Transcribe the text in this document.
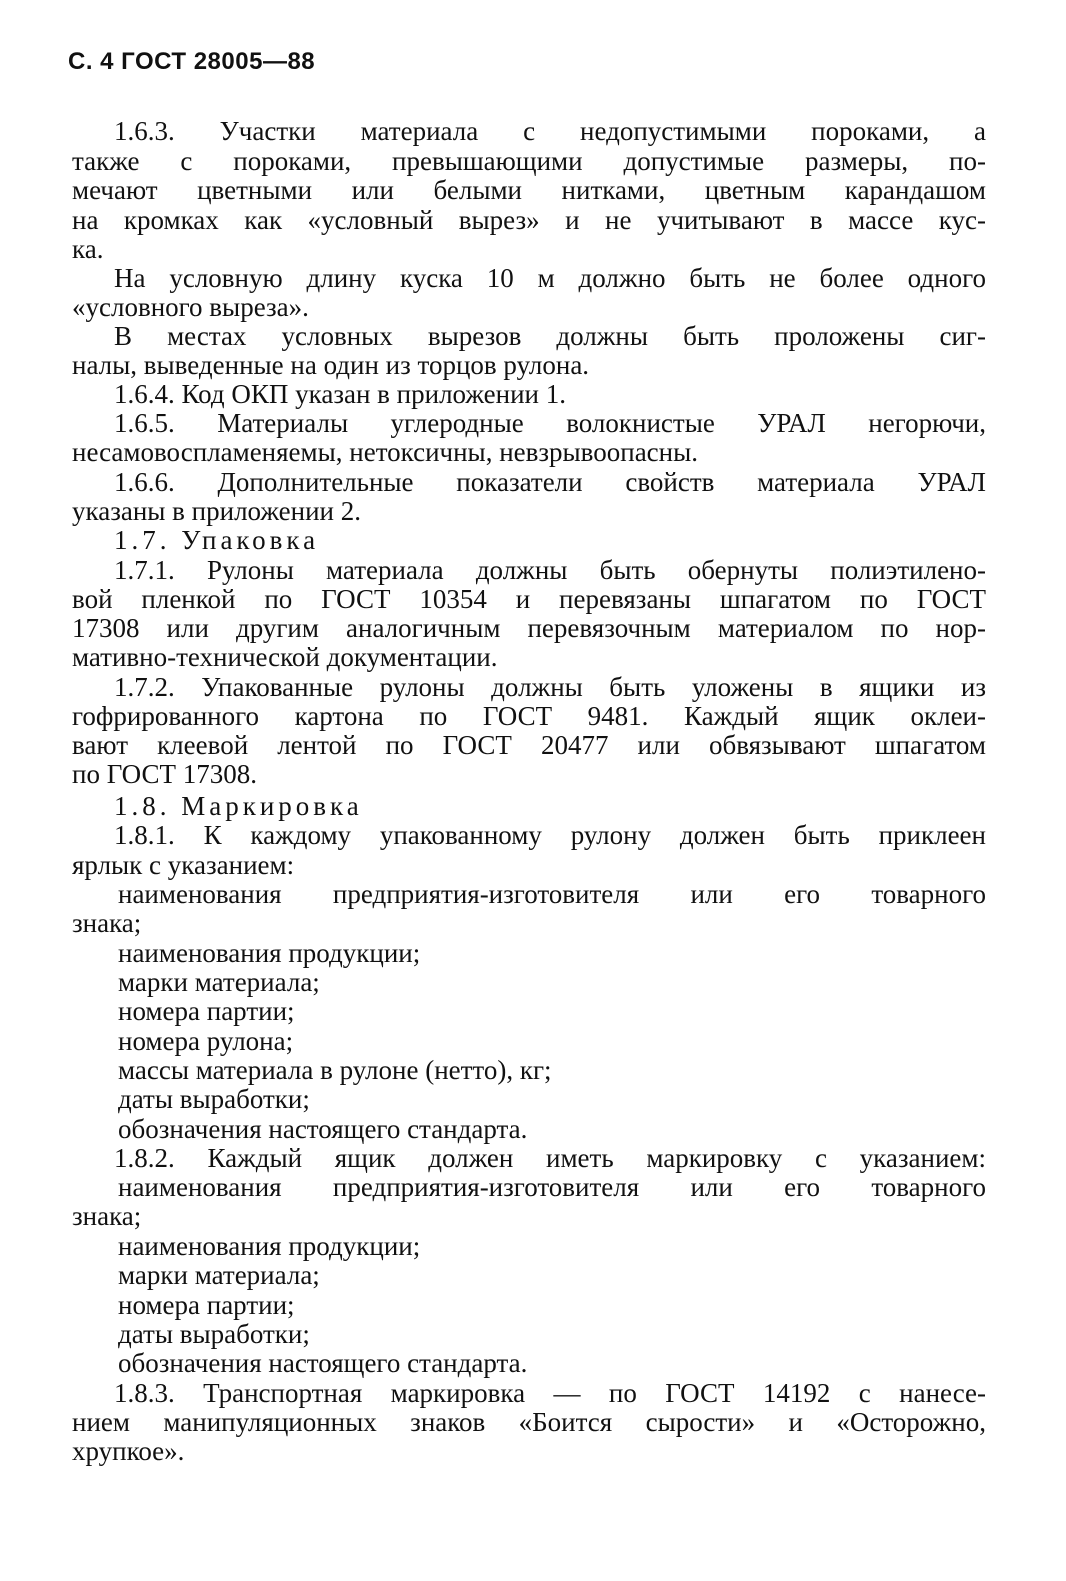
С. 4 ГОСТ 28005—88
1.6.3. Участки материала с недопустимыми пороками, а
также с пороками, превышающими допустимые размеры, по-
мечают цветными или белыми нитками, цветным карандашом
на кромках как «условный вырез» и не учитывают в массе кус-
ка.
На условную длину куска 10 м должно быть не более одного
«условного выреза».
В местах условных вырезов должны быть проложены сиг-
налы, выведенные на один из торцов рулона.
1.6.4. Код ОКП указан в приложении 1.
1.6.5. Материалы углеродные волокнистые УРАЛ негорючи,
несамовоспламеняемы, нетоксичны, невзрывоопасны.
1.6.6. Дополнительные показатели свойств материала УРАЛ
указаны в приложении 2.
1.7. Упаковка
1.7.1. Рулоны материала должны быть обернуты полиэтилено-
вой пленкой по ГОСТ 10354 и перевязаны шпагатом по ГОСТ
17308 или другим аналогичным перевязочным материалом по нор-
мативно-технической документации.
1.7.2. Упакованные рулоны должны быть уложены в ящики из
гофрированного картона по ГОСТ 9481. Каждый ящик оклеи-
вают клеевой лентой по ГОСТ 20477 или обвязывают шпагатом
по ГОСТ 17308.
1.8. Маркировка
1.8.1. К каждому упакованному рулону должен быть приклеен
ярлык с указанием:
наименования предприятия-изготовителя или его товарного
знака;
наименования продукции;
марки материала;
номера партии;
номера рулона;
массы материала в рулоне (нетто), кг;
даты выработки;
обозначения настоящего стандарта.
1.8.2. Каждый ящик должен иметь маркировку с указанием:
наименования предприятия-изготовителя или его товарного
знака;
наименования продукции;
марки материала;
номера партии;
даты выработки;
обозначения настоящего стандарта.
1.8.3. Транспортная маркировка — по ГОСТ 14192 с нанесе-
нием манипуляционных знаков «Боится сырости» и «Осторожно,
хрупкое».
